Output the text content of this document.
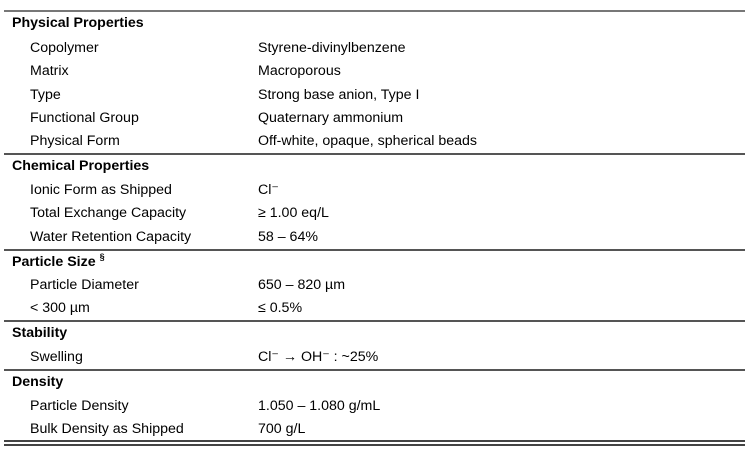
Physical Properties
Copolymer	Styrene-divinylbenzene
Matrix	Macroporous
Type	Strong base anion, Type I
Functional Group	Quaternary ammonium
Physical Form	Off-white, opaque, spherical beads
Chemical Properties
Ionic Form as Shipped	Cl⁻
Total Exchange Capacity	≥ 1.00 eq/L
Water Retention Capacity	58 – 64%
Particle Size §
Particle Diameter	650 – 820 µm
< 300 µm	≤ 0.5%
Stability
Swelling	Cl⁻ → OH⁻ : ~25%
Density
Particle Density	1.050 – 1.080 g/mL
Bulk Density as Shipped	700 g/L
